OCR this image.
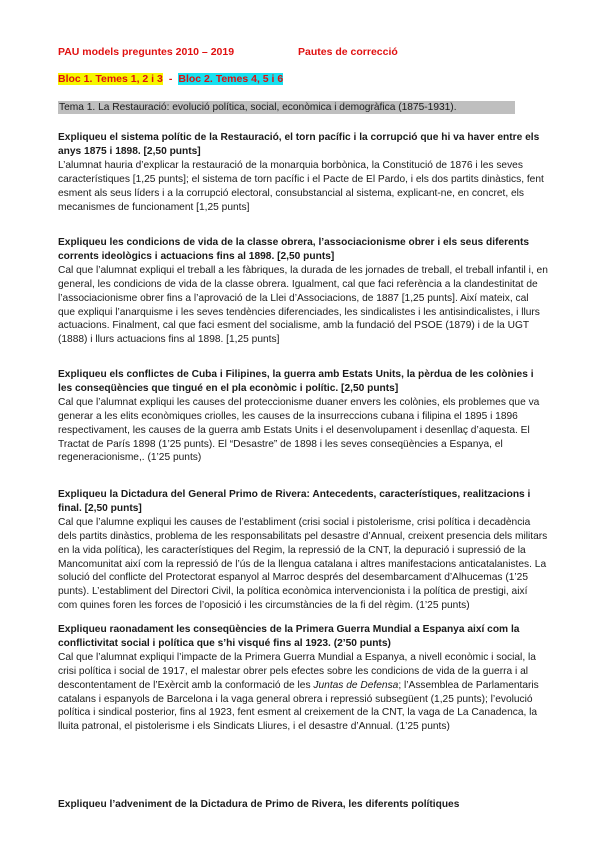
PAU models preguntes 2010 – 2019	Pautes de correcció
Bloc 1. Temes 1, 2 i 3 - Bloc 2. Temes 4, 5 i 6
Tema 1. La Restauració: evolució política, social, econòmica i demogràfica (1875-1931).
Expliqueu el sistema polític de la Restauració, el torn pacífic i la corrupció que hi va haver entre els anys 1875 i 1898. [2,50 punts]
L’alumnat hauria d’explicar la restauració de la monarquia borbònica, la Constitució de 1876 i les seves característiques [1,25 punts]; el sistema de torn pacífic i el Pacte de El Pardo, i els dos partits dinàstics, fent esment als seus líders i a la corrupció electoral, consubstancial al sistema, explicant-ne, en concret, els mecanismes de funcionament [1,25 punts]
Expliqueu les condicions de vida de la classe obrera, l’associacionisme obrer i els seus diferents corrents ideològics i actuacions fins al 1898. [2,50 punts]
Cal que l’alumnat expliqui el treball a les fàbriques, la durada de les jornades de treball, el treball infantil i, en general, les condicions de vida de la classe obrera. Igualment, cal que faci referència a la clandestinitat de l’associacionisme obrer fins a l’aprovació de la Llei d’Associacions, de 1887 [1,25 punts]. Així mateix, cal que expliqui l’anarquisme i les seves tendències diferenciades, les sindicalistes i les antisindicalistes, i llurs actuacions. Finalment, cal que faci esment del socialisme, amb la fundació del PSOE (1879) i de la UGT (1888) i llurs actuacions fins al 1898. [1,25 punts]
Expliqueu els conflictes de Cuba i Filipines, la guerra amb Estats Units, la pèrdua de les colònies i les conseqüències que tingué en el pla econòmic i polític. [2,50 punts]
Cal que l’alumnat expliqui les causes del proteccionisme duaner envers les colònies, els problemes que va generar a les elits econòmiques criolles, les causes de la insurreccions cubana i filipina el 1895 i 1896 respectivament, les causes de la guerra amb Estats Units i el desenvolupament i desenllaç d’aquesta. El Tractat de París 1898 (1’25 punts). El “Desastre” de 1898 i les seves conseqüències a Espanya, el regeneracionisme,. (1’25 punts)
Expliqueu la Dictadura del General Primo de Rivera: Antecedents, característiques, realitzacions i final. [2,50 punts]
Cal que l’alumne expliqui les causes de l’establiment (crisi social i pistolerisme, crisi política i decadència dels partits dinàstics, problema de les responsabilitats pel desastre d’Annual, creixent presencia dels militars en la vida política), les característiques del Regim, la repressió de la CNT, la depuració i supressió de la Mancomunitat així com la repressió de l’ús de la llengua catalana i altres manifestacions anticatalanistes. La solució del conflicte del Protectorat espanyol al Marroc després del desembarcament d’Alhucemas (1’25 punts). L’establiment del Directori Civil, la política econòmica intervencionista i la política de prestigi, així com quines foren les forces de l’oposició i les circumstàncies de la fi del règim. (1’25 punts)
Expliqueu raonadament les conseqüències de la Primera Guerra Mundial a Espanya així com la conflictivitat social i política que s’hi visqué fins al 1923. (2’50 punts)
Cal que l’alumnat expliqui l’impacte de la Primera Guerra Mundial a Espanya, a nivell econòmic i social, la crisi política i social de 1917, el malestar obrer pels efectes sobre les condicions de vida de la guerra i al descontentament de l’Exèrcit amb la conformació de les Juntas de Defensa; l’Assemblea de Parlamentaris catalans i espanyols de Barcelona i la vaga general obrera i repressió subsegüent (1,25 punts); l’evolució política i sindical posterior, fins al 1923, fent esment al creixement de la CNT, la vaga de La Canadenca, la lluita patronal, el pistolerisme i els Sindicats Lliures, i el desastre d’Annual. (1’25 punts)
Expliqueu l’adveniment de la Dictadura de Primo de Rivera, les diferents polítiques
